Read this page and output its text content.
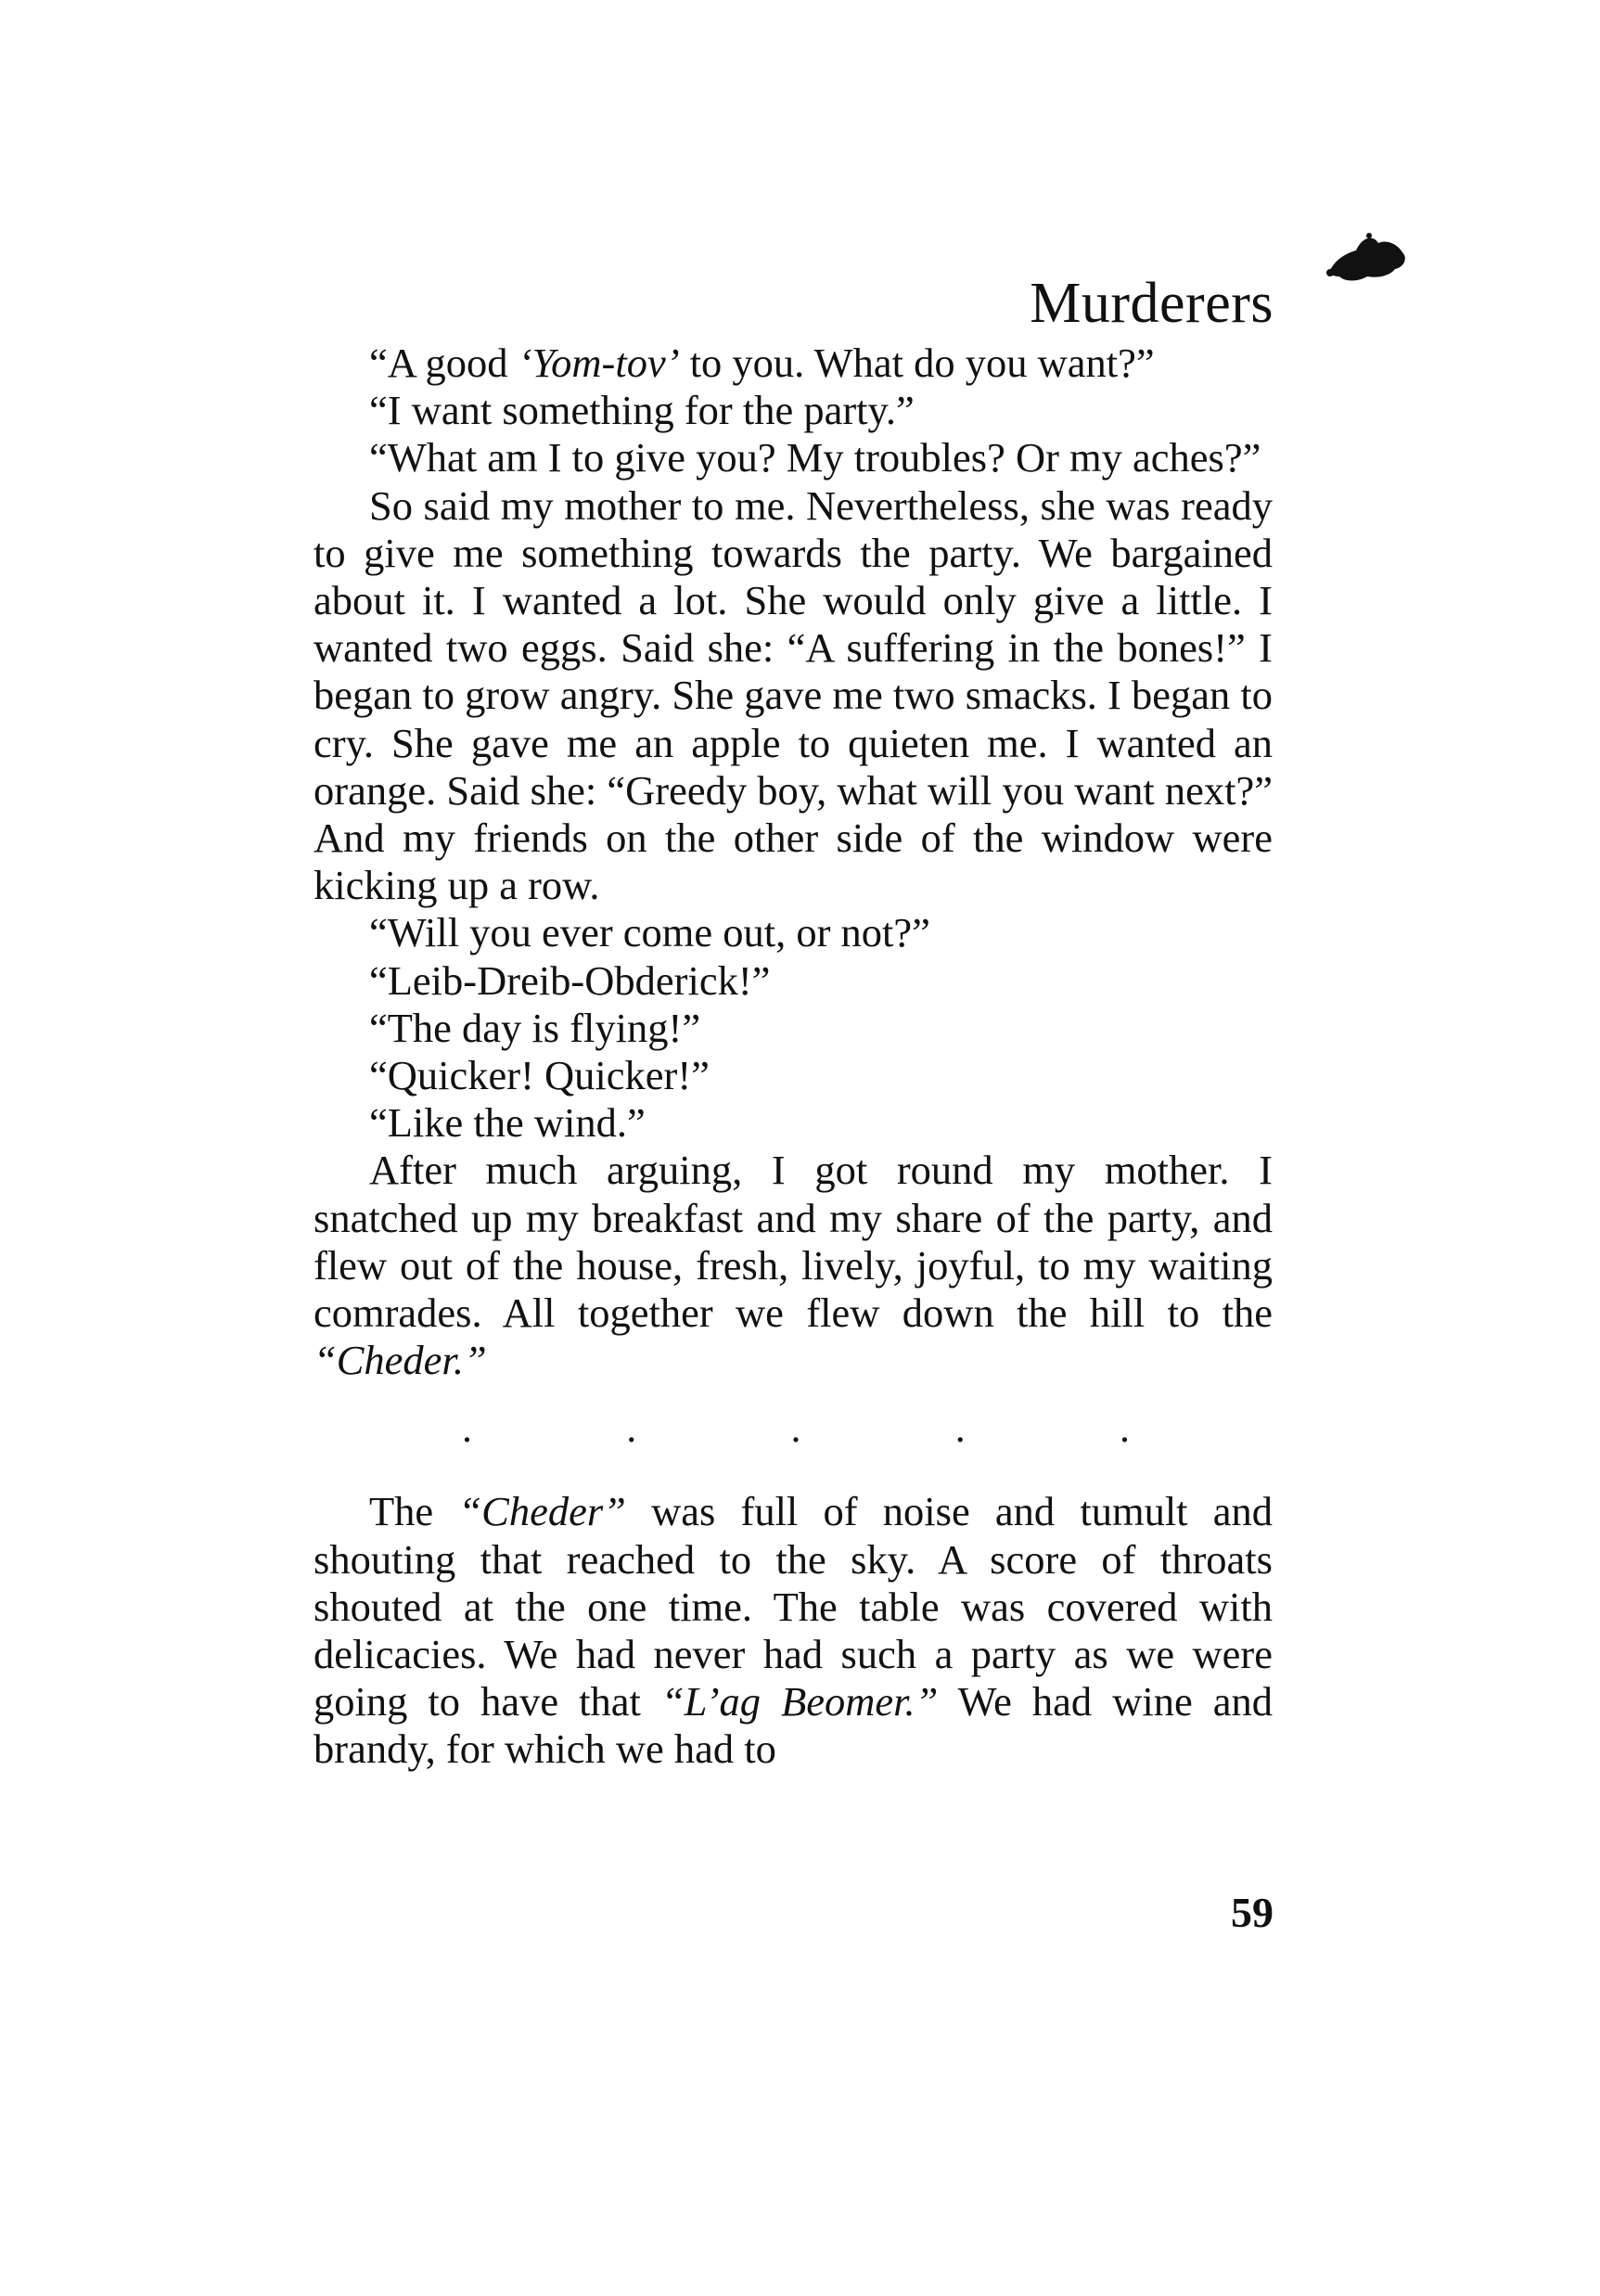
Murderers

“A good ‘Yom-tov’ to you. What do you want?”

“I want something for the party.”

“What am I to give you? My troubles? Or my aches?”

So said my mother to me. Nevertheless, she was ready to give me something towards the party. We bargained about it. I wanted a lot. She would only give a little. I wanted two eggs. Said she: “A suffering in the bones!” I began to grow angry. She gave me two smacks. I began to cry. She gave me an apple to quieten me. I wanted an orange. Said she: “Greedy boy, what will you want next?” And my friends on the other side of the window were kicking up a row.

“Will you ever come out, or not?”

“Leib-Dreib-Obderick!”

“The day is flying!”

“Quicker! Quicker!”

“Like the wind.”

After much arguing, I got round my mother. I snatched up my breakfast and my share of the party, and flew out of the house, fresh, lively, joyful, to my waiting comrades. All together we flew down the hill to the “Cheder.”

.	.	.	.	.

The “Cheder” was full of noise and tumult and shouting that reached to the sky. A score of throats shouted at the one time. The table was covered with delicacies. We had never had such a party as we were going to have that “L’ag Beomer.” We had wine and brandy, for which we had to

59
